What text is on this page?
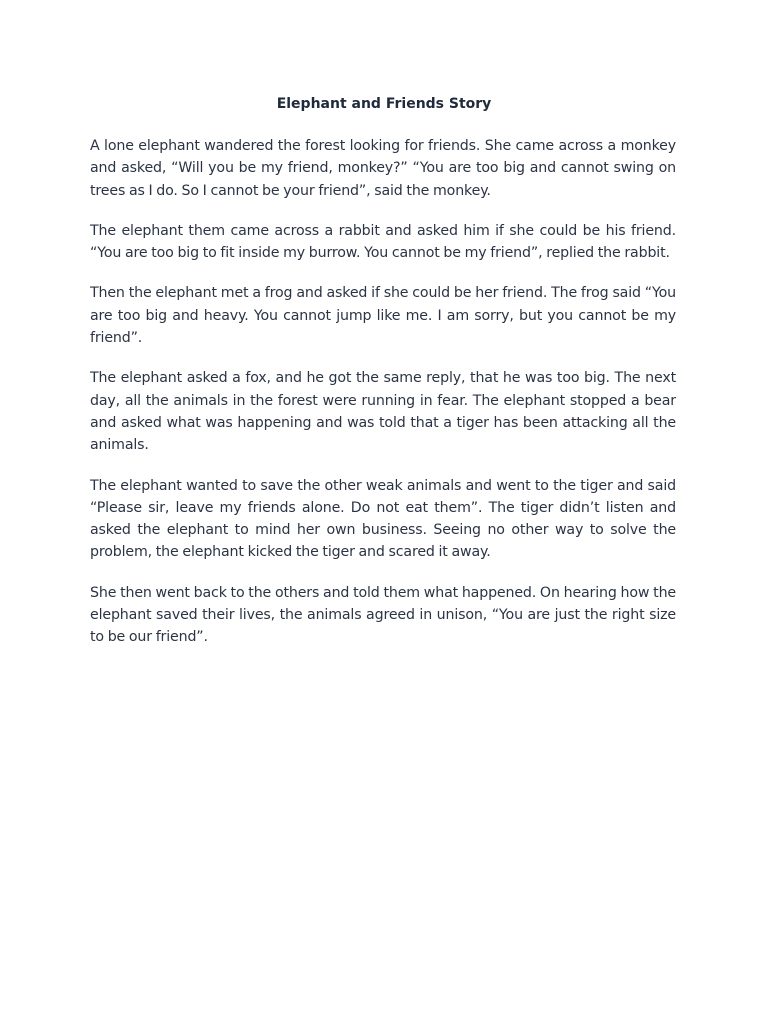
Elephant and Friends Story

A lone elephant wandered the forest looking for friends. She came across a monkey and asked, “Will you be my friend, monkey?” “You are too big and cannot swing on trees as I do. So I cannot be your friend”, said the monkey.

The elephant them came across a rabbit and asked him if she could be his friend. “You are too big to fit inside my burrow. You cannot be my friend”, replied the rabbit.

Then the elephant met a frog and asked if she could be her friend. The frog said “You are too big and heavy. You cannot jump like me. I am sorry, but you cannot be my friend”.

The elephant asked a fox, and he got the same reply, that he was too big. The next day, all the animals in the forest were running in fear. The elephant stopped a bear and asked what was happening and was told that a tiger has been attacking all the animals.

The elephant wanted to save the other weak animals and went to the tiger and said “Please sir, leave my friends alone. Do not eat them”. The tiger didn’t listen and asked the elephant to mind her own business. Seeing no other way to solve the problem, the elephant kicked the tiger and scared it away.

She then went back to the others and told them what happened. On hearing how the elephant saved their lives, the animals agreed in unison, “You are just the right size to be our friend”.
